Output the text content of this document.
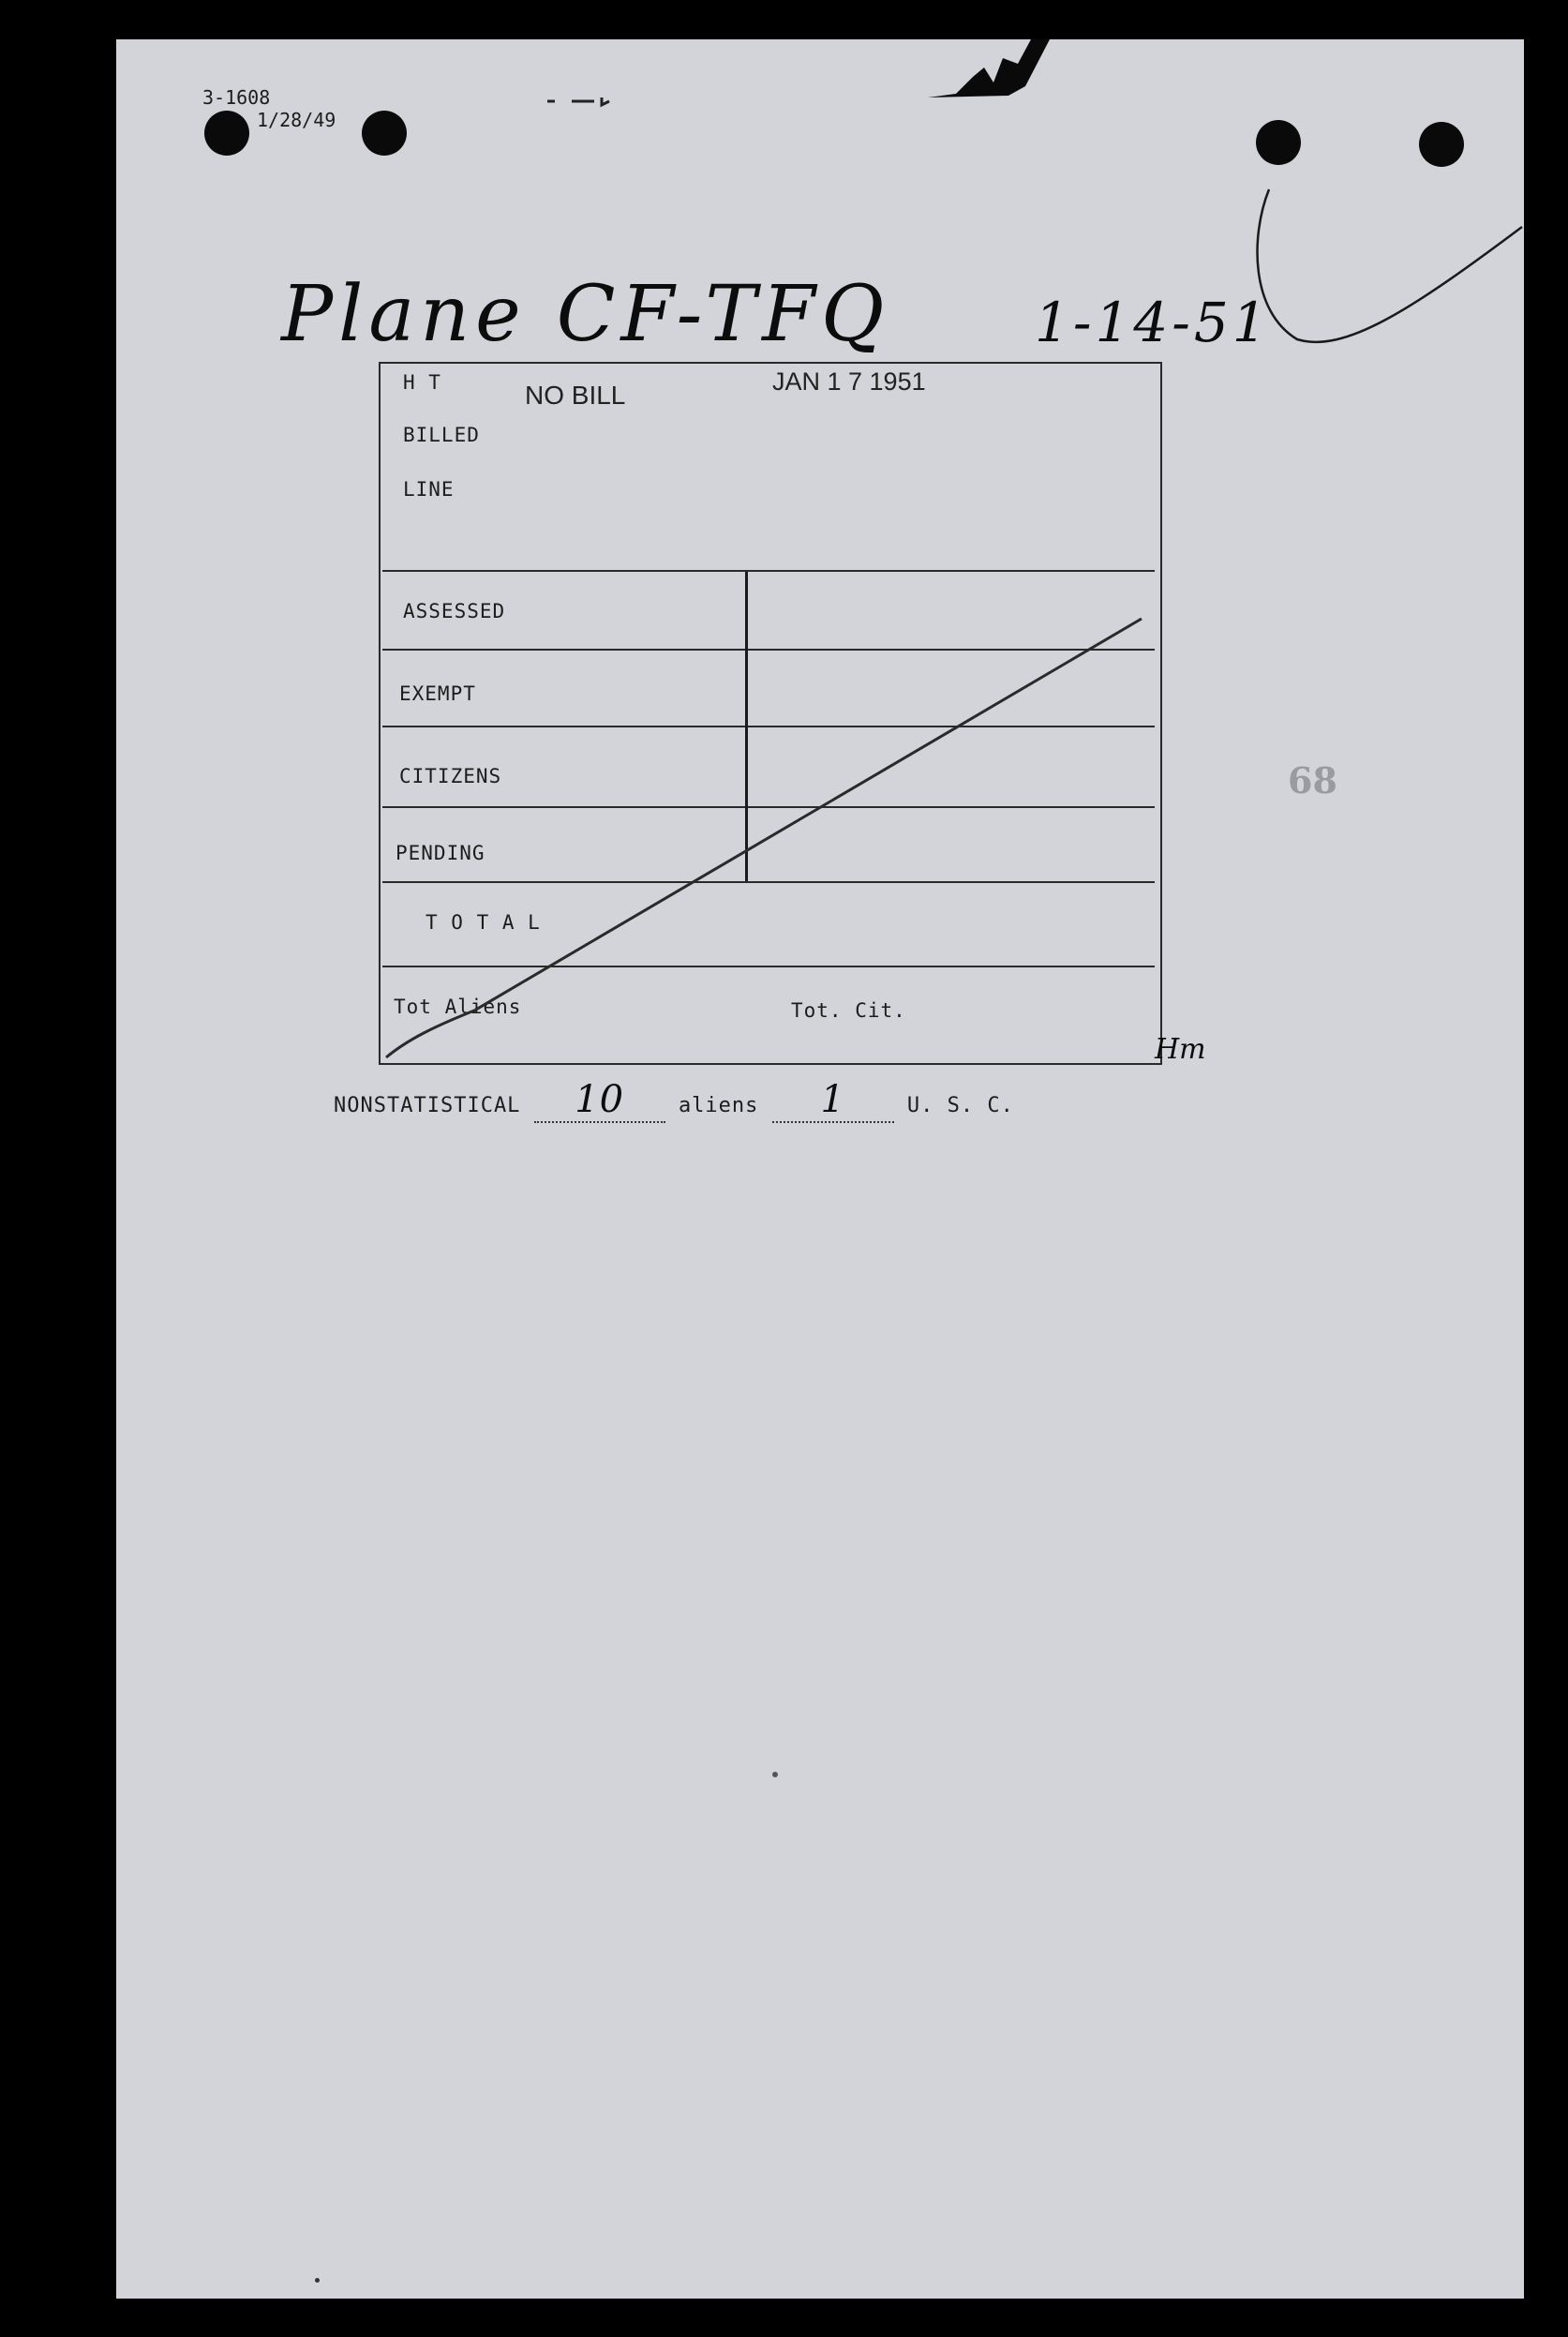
3-1608
1/28/49
Plane CF-TFQ	1-14-51
H T	NO BILL	JAN 1 7 1951
BILLED
LINE
ASSESSED
EXEMPT
CITIZENS
PENDING
T O T A L
Tot Aliens	Tot. Cit.
Hm
NONSTATISTICAL 10	aliens 1	U. S. C.
68
